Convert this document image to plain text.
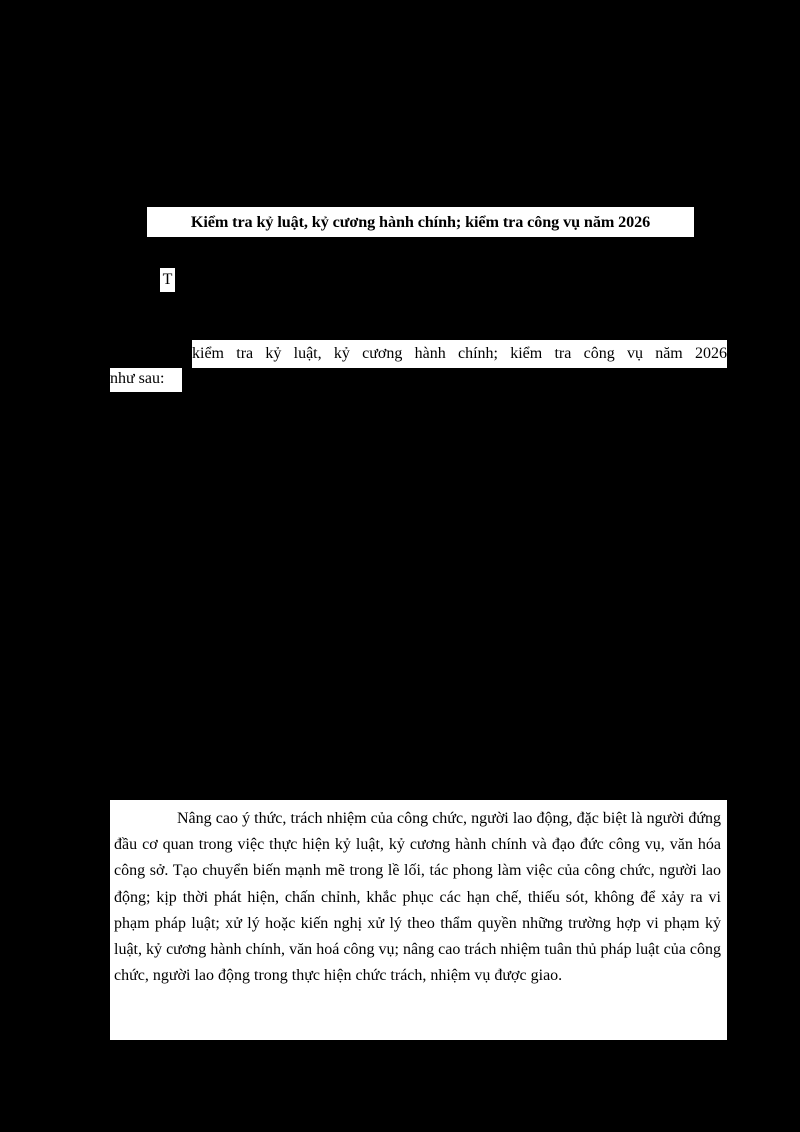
Kiểm tra kỷ luật, kỷ cương hành chính; kiểm tra công vụ năm 2026
T
kiểm tra kỷ luật, kỷ cương hành chính; kiểm tra công vụ năm 2026
như sau:

Nâng cao ý thức, trách nhiệm của công chức, người lao động, đặc biệt là người đứng đầu cơ quan trong việc thực hiện kỷ luật, kỷ cương hành chính và đạo đức công vụ, văn hóa công sở. Tạo chuyển biến mạnh mẽ trong lề lối, tác phong làm việc của công chức, người lao động; kịp thời phát hiện, chấn chỉnh, khắc phục các hạn chế, thiếu sót, không để xảy ra vi phạm pháp luật; xử lý hoặc kiến nghị xử lý theo thẩm quyền những trường hợp vi phạm kỷ luật, kỷ cương hành chính, văn hoá công vụ; nâng cao trách nhiệm tuân thủ pháp luật của công chức, người lao động trong thực hiện chức trách, nhiệm vụ được giao.
